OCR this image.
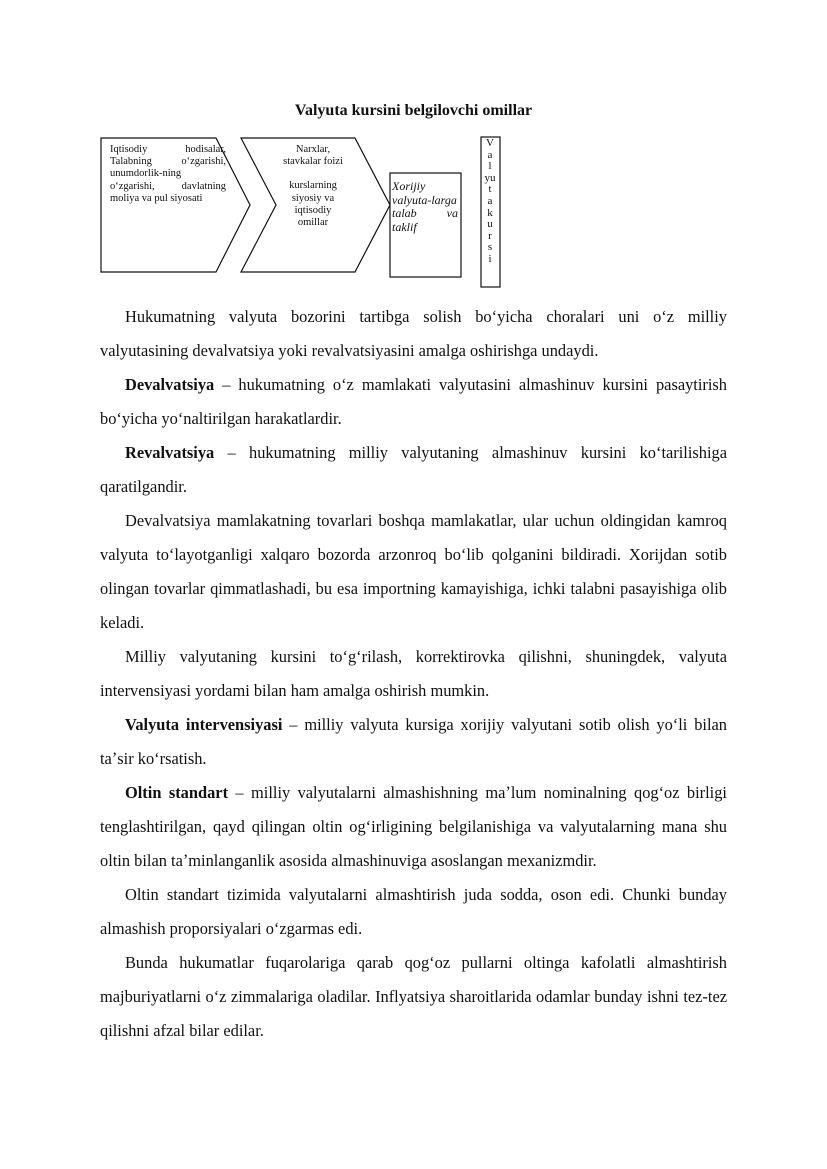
Valyuta kursini belgilovchi omillar
Iqtisodiy hodisalar, Talabning oʻzgarishi, unumdorlik-ning oʻzgarishi, davlatning moliya va pul siyosati
Narxlar, stavkalar foizi
kurslarning siyosiy va iqtisodiy omillar
Xorijiy valyuta-larga talab va taklif
V
a
l
yu
t
a
k
u
r
s
i

Hukumatning valyuta bozorini tartibga solish boʻyicha choralari uni oʻz milliy valyutasining devalvatsiya yoki revalvatsiyasini amalga oshirishga undaydi.

Devalvatsiya – hukumatning oʻz mamlakati valyutasini almashinuv kursini pasaytirish boʻyicha yoʻnaltirilgan harakatlardir.

Revalvatsiya – hukumatning milliy valyutaning almashinuv kursini koʻtarilishiga qaratilgandir.

Devalvatsiya mamlakatning tovarlari boshqa mamlakatlar, ular uchun oldingidan kamroq valyuta toʻlayotganligi xalqaro bozorda arzonroq boʻlib qolganini bildiradi. Xorijdan sotib olingan tovarlar qimmatlashadi, bu esa importning kamayishiga, ichki talabni pasayishiga olib keladi.

Milliy valyutaning kursini toʻgʻrilash, korrektirovka qilishni, shuningdek, valyuta intervensiyasi yordami bilan ham amalga oshirish mumkin.

Valyuta intervensiyasi – milliy valyuta kursiga xorijiy valyutani sotib olish yoʻli bilan taʼsir koʻrsatish.

Oltin standart – milliy valyutalarni almashishning maʼlum nominalning qogʻoz birligi tenglashtirilgan, qayd qilingan oltin ogʻirligining belgilanishiga va valyutalarning mana shu oltin bilan taʼminlanganlik asosida almashinuviga asoslangan mexanizmdir.

Oltin standart tizimida valyutalarni almashtirish juda sodda, oson edi. Chunki bunday almashish proporsiyalari oʻzgarmas edi.

Bunda hukumatlar fuqarolariga qarab qogʻoz pullarni oltinga kafolatli almashtirish majburiyatlarni oʻz zimmalariga oladilar. Inflyatsiya sharoitlarida odamlar bunday ishni tez-tez qilishni afzal bilar edilar.
